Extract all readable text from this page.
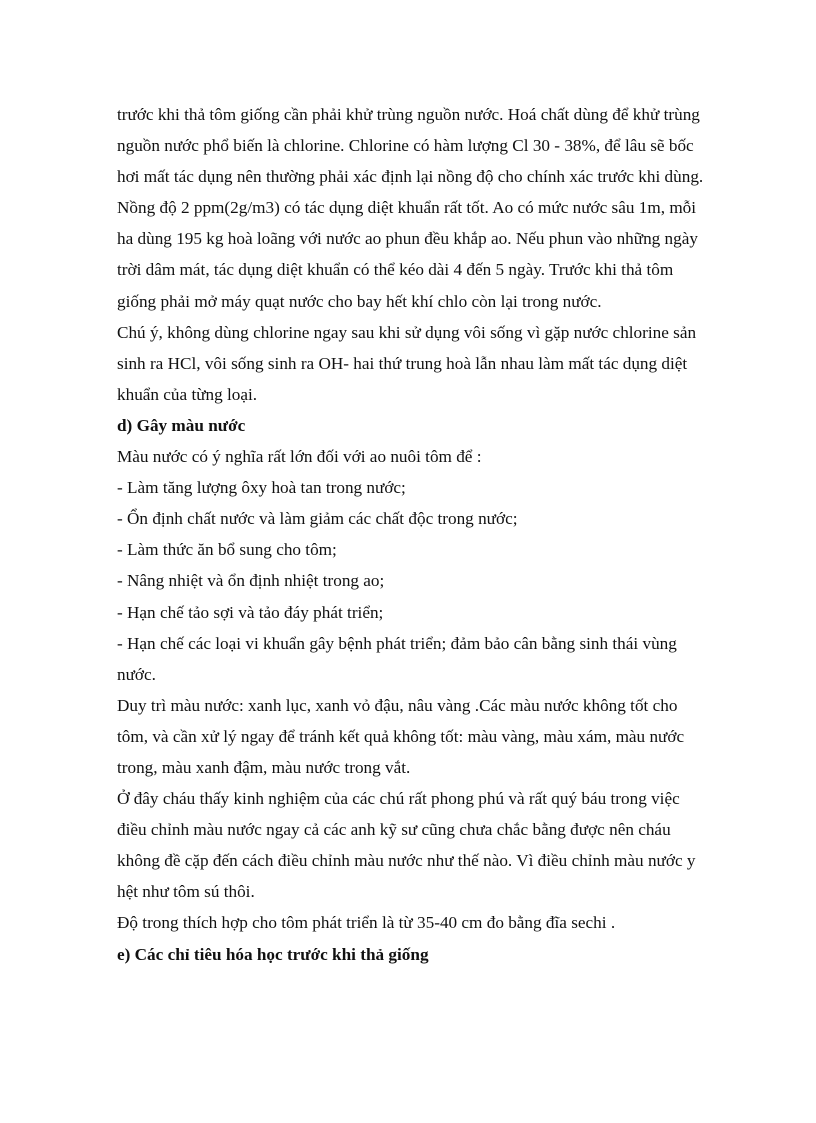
trước khi thả tôm giống cần phải khử trùng nguồn nước. Hoá chất dùng để khử trùng nguồn nước phổ biến là chlorine. Chlorine có hàm lượng Cl 30 - 38%, để lâu sẽ bốc hơi mất tác dụng nên thường phải xác định lại nồng độ cho chính xác trước khi dùng.

Nồng độ 2 ppm(2g/m3) có tác dụng diệt khuẩn rất tốt. Ao có mức nước sâu 1m, mỗi ha dùng 195 kg hoà loãng với nước ao phun đều khắp ao. Nếu phun vào những ngày trời dâm mát, tác dụng diệt khuẩn có thể kéo dài 4 đến 5 ngày. Trước khi thả tôm giống phải mở máy quạt nước cho bay hết khí chlo còn lại trong nước.

Chú ý, không dùng chlorine ngay sau khi sử dụng vôi sống vì gặp nước chlorine sản sinh ra HCl, vôi sống sinh ra OH- hai thứ trung hoà lẫn nhau làm mất tác dụng diệt khuẩn của từng loại.

d) Gây màu nước

Màu nước có ý nghĩa rất lớn đối với ao nuôi tôm để :

- Làm tăng lượng ôxy hoà tan trong nước;

- Ổn định chất nước và làm giảm các chất độc trong nước;

- Làm thức ăn bổ sung cho tôm;

- Nâng nhiệt và ổn định nhiệt trong ao;

- Hạn chế tảo sợi và tảo đáy phát triển;

- Hạn chế các loại vi khuẩn gây bệnh phát triển; đảm bảo cân bằng sinh thái vùng nước.

Duy trì màu nước: xanh lục, xanh vỏ đậu, nâu vàng .Các màu nước không tốt cho tôm, và cần xử lý ngay để tránh kết quả không tốt: màu vàng, màu xám, màu nước trong, màu xanh đậm, màu nước trong vắt.

Ở đây cháu thấy kinh nghiệm của các chú rất phong phú và rất quý báu trong việc điều chỉnh màu nước ngay cả các anh kỹ sư cũng chưa chắc bằng được nên cháu không đề cặp đến cách điều chỉnh màu nước như thế nào. Vì điều chỉnh màu nước y hệt như tôm sú thôi.

Độ trong thích hợp cho tôm phát triển là từ 35-40 cm đo bằng đĩa sechi .

e) Các chỉ tiêu hóa học trước khi thả giống
